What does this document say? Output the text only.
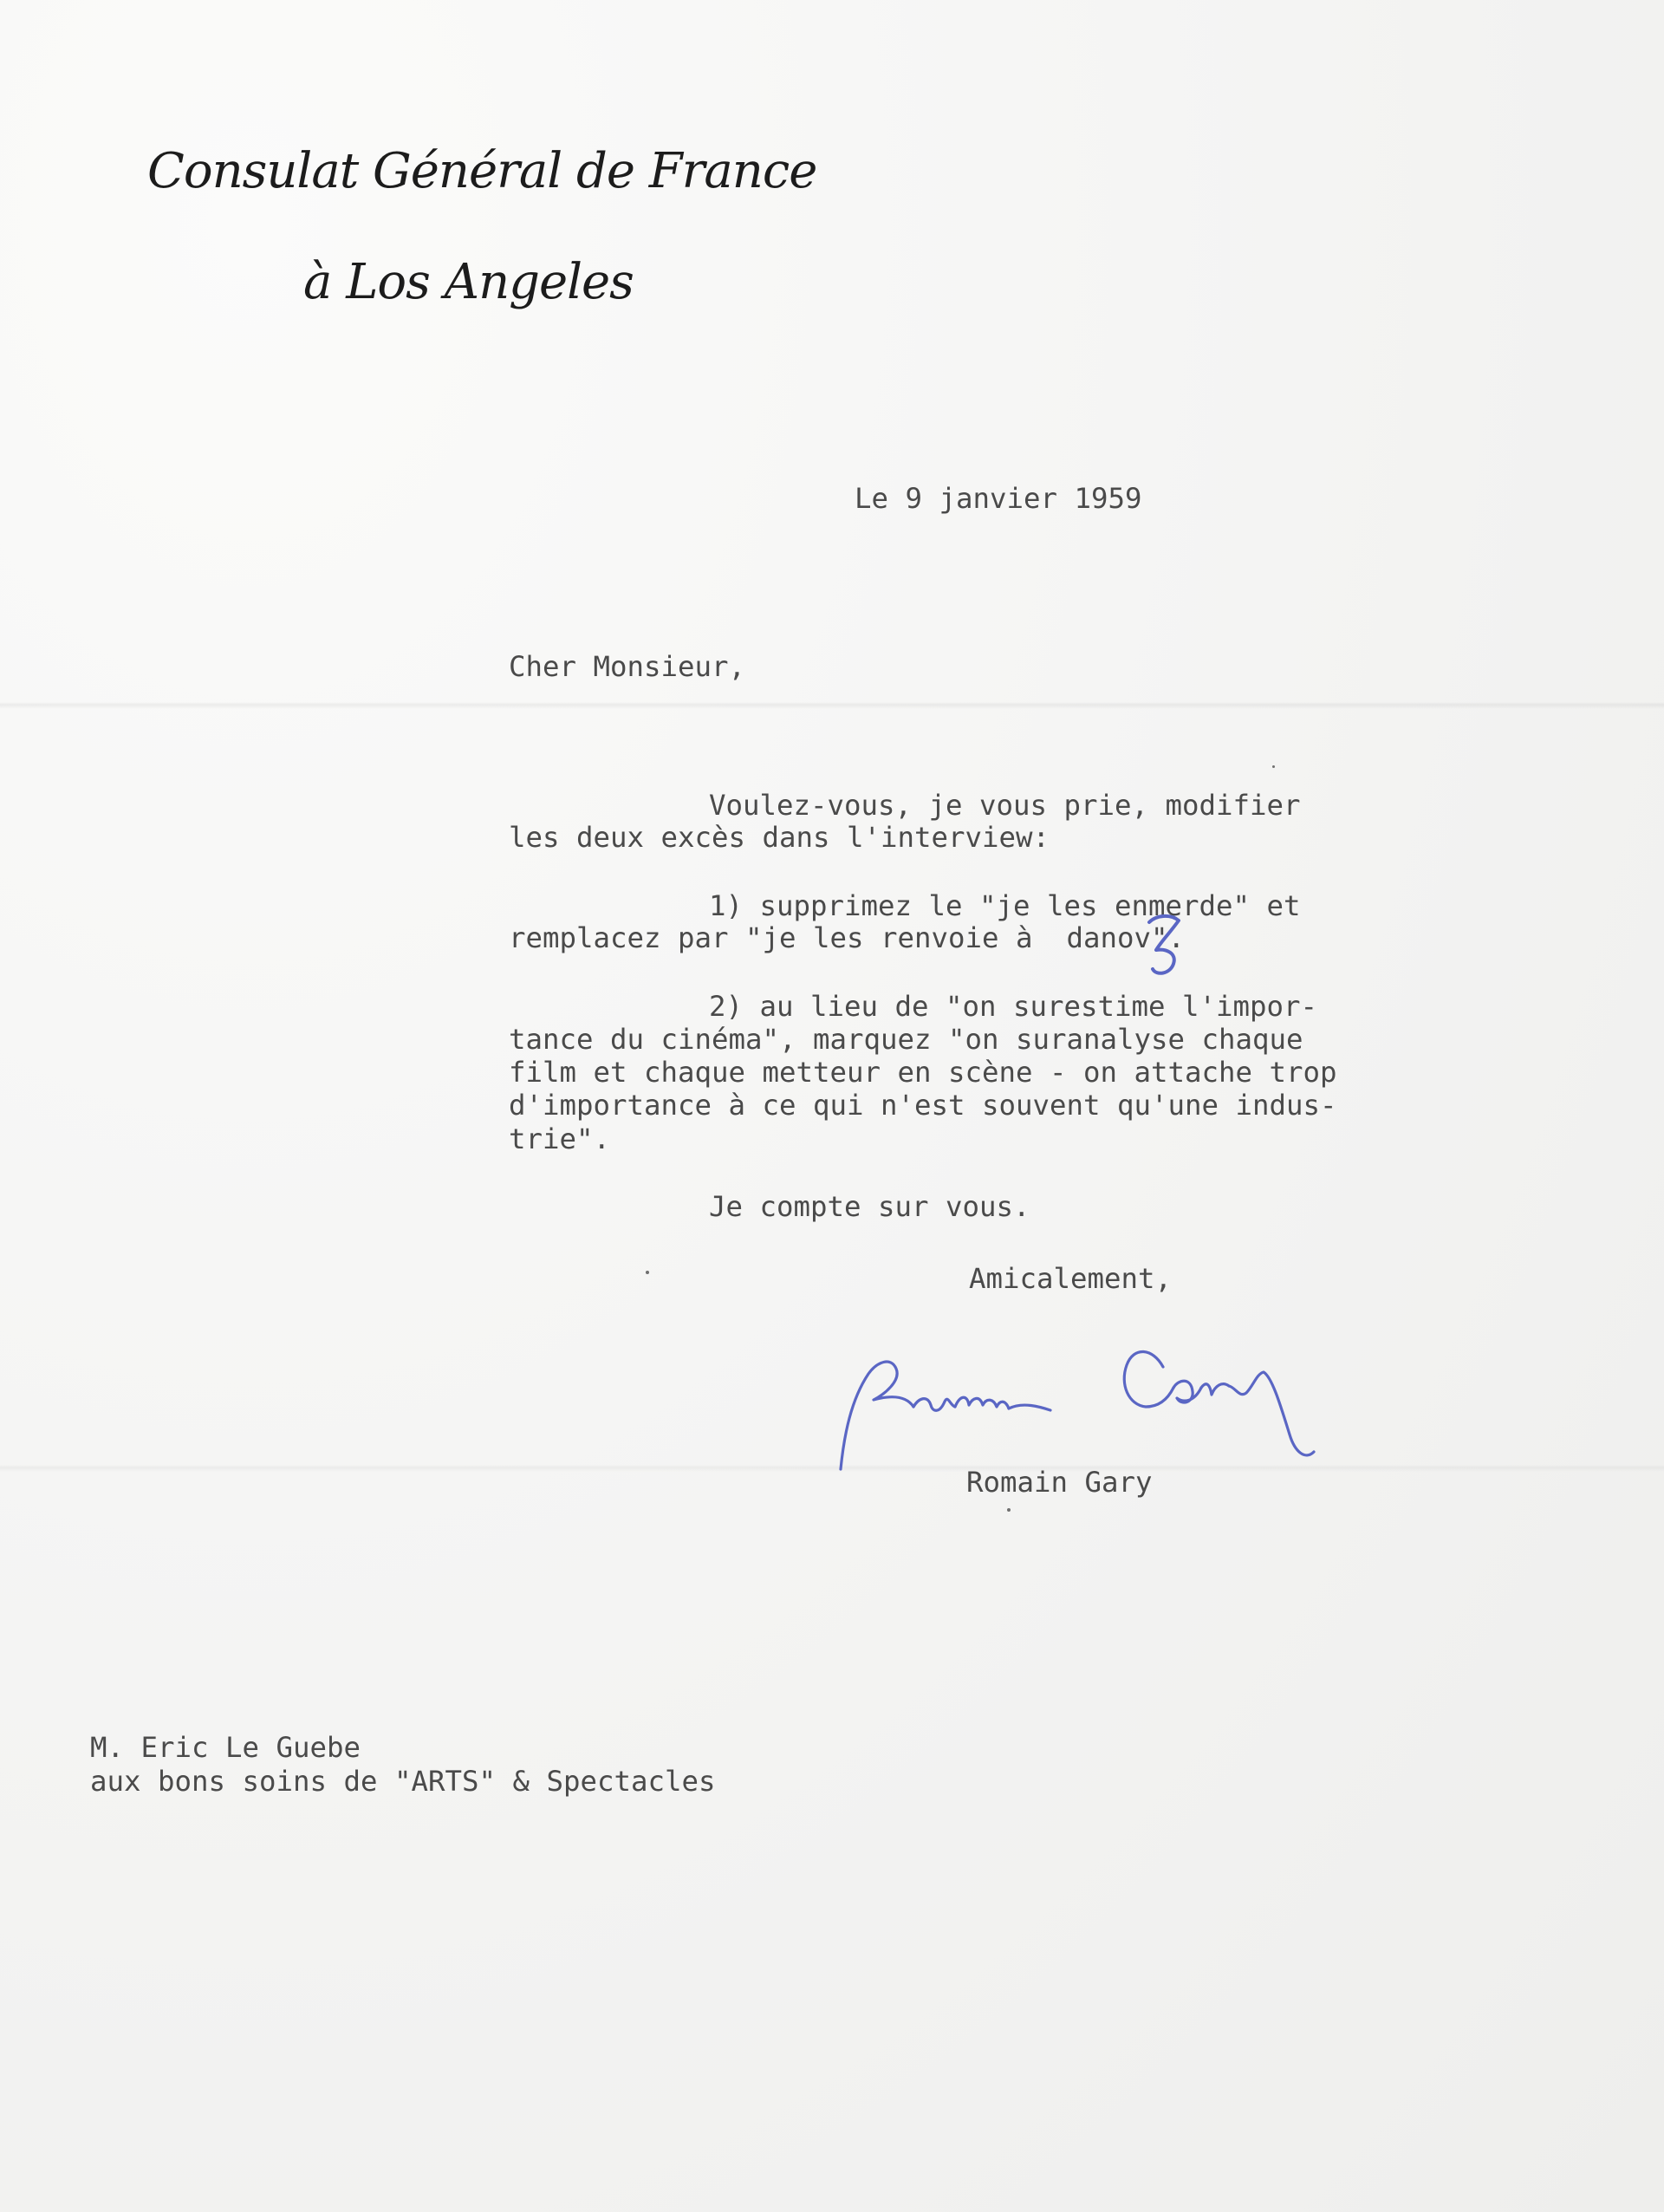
Consulat Général de France
à Los Angeles
Le 9 janvier 1959
Cher Monsieur,
Voulez-vous, je vous prie, modifier
les deux excès dans l'interview:
1) supprimez le "je les enmerde" et
remplacez par "je les renvoie à  danov".
2) au lieu de "on surestime l'impor-
tance du cinéma", marquez "on suranalyse chaque
film et chaque metteur en scène - on attache trop
d'importance à ce qui n'est souvent qu'une indus-
trie".
Je compte sur vous.
Amicalement,
Romain Gary
M. Eric Le Guebe
aux bons soins de "ARTS" & Spectacles
